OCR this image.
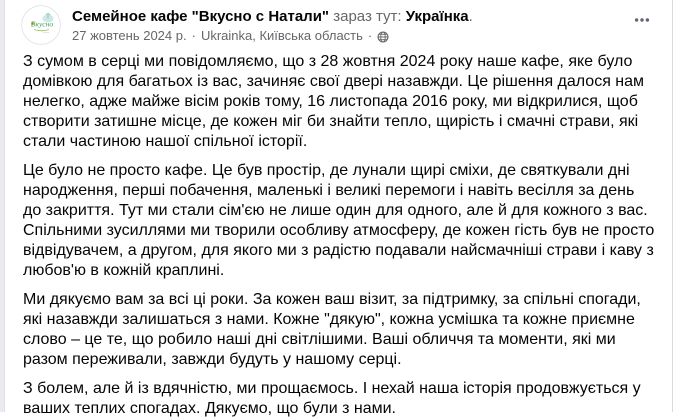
Вкусно
~~~
Семейное кафе "Вкусно с Натали" зараз тут: Українка.
27 жовтень 2024 р. · Ukrainka, Київська область ·

З сумом в серці ми повідомляємо, що з 28 жовтня 2024 року наше кафе, яке було домівкою для багатьох із вас, зачиняє свої двері назавжди. Це рішення далося нам нелегко, адже майже вісім років тому, 16 листопада 2016 року, ми відкрилися, щоб створити затишне місце, де кожен міг би знайти тепло, щирість і смачні страви, які стали частиною нашої спільної історії.

Це було не просто кафе. Це був простір, де лунали щирі сміхи, де святкували дні народження, перші побачення, маленькі і великі перемоги і навіть весілля за день до закриття. Тут ми стали сім'єю не лише один для одного, але й для кожного з вас. Спільними зусиллями ми творили особливу атмосферу, де кожен гість був не просто відвідувачем, а другом, для якого ми з радістю подавали найсмачніші страви і каву з любов'ю в кожній краплині.

Ми дякуємо вам за всі ці роки. За кожен ваш візит, за підтримку, за спільні спогади, які назавжди залишаться з нами. Кожне "дякую", кожна усмішка та кожне приємне слово – це те, що робило наші дні світлішими. Ваші обличчя та моменти, які ми разом переживали, завжди будуть у нашому серці.

З болем, але й із вдячністю, ми прощаємось. І нехай наша історія продовжується у ваших теплих спогадах. Дякуємо, що були з нами.
